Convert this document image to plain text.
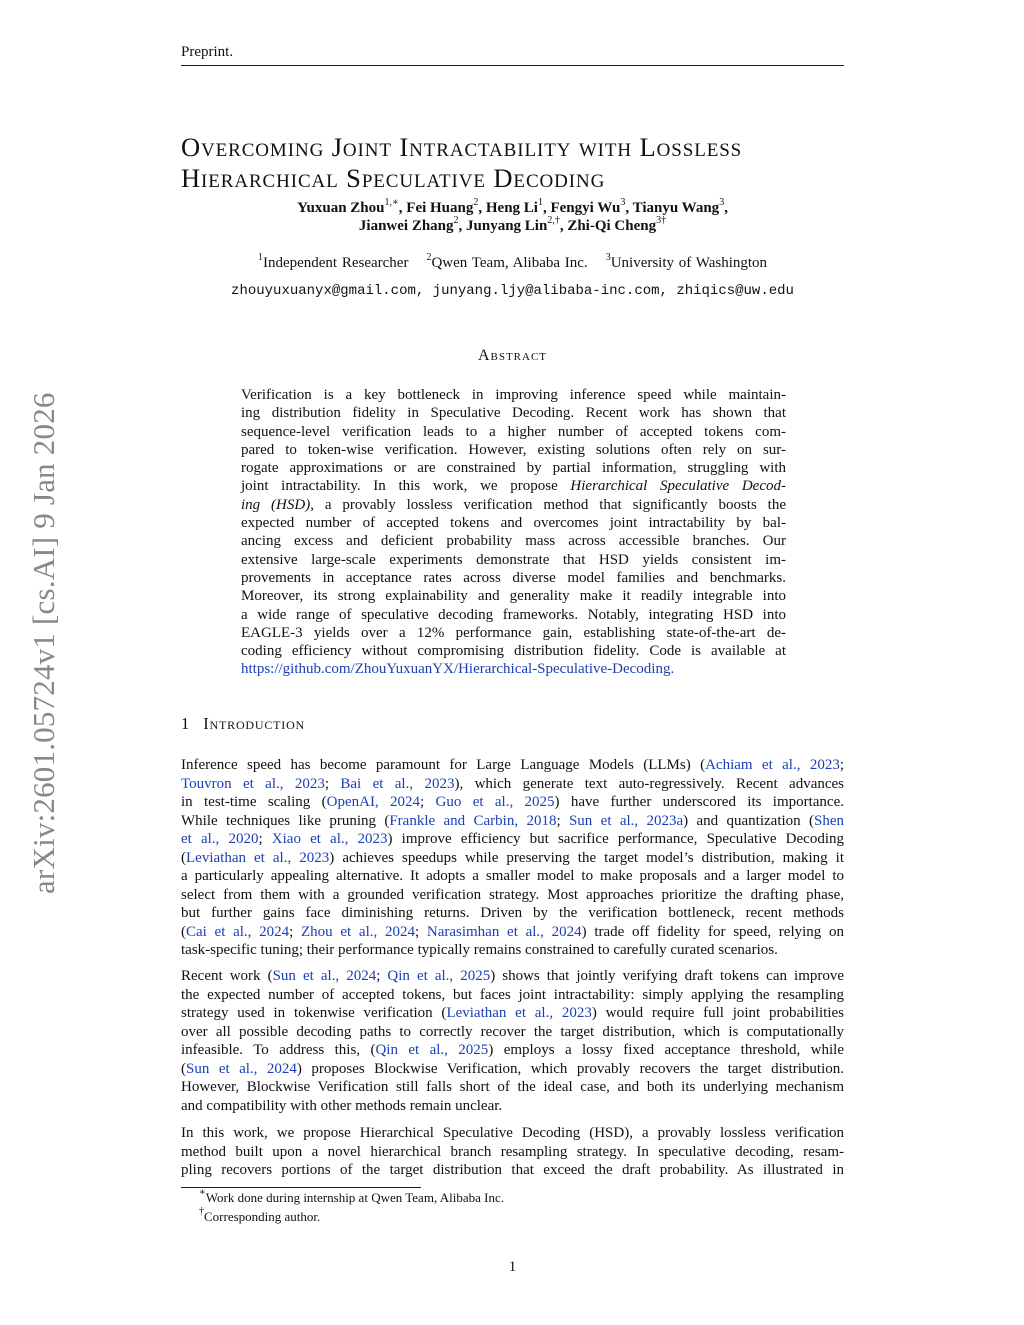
Preprint.
arXiv:2601.05724v1 [cs.AI] 9 Jan 2026
Overcoming Joint Intractability with Lossless
Hierarchical Speculative Decoding
Yuxuan Zhou$^{1,∗}$, Fei Huang$^2$, Heng Li$^1$, Fengyi Wu$^3$, Tianyu Wang$^3$,
Jianwei Zhang$^2$, Junyang Lin$^{2,\dagger}$, Zhi-Qi Cheng$^{3\dagger}$
$^1$Independent Researcher $^2$Qwen Team, Alibaba Inc. $^3$University of Washington
zhouyuxuanyx@gmail.com, junyang.ljy@alibaba-inc.com, zhiqics@uw.edu
Abstract
Verification is a key bottleneck in improving inference speed while maintain-
ing distribution fidelity in Speculative Decoding. Recent work has shown that
sequence-level verification leads to a higher number of accepted tokens com-
pared to token-wise verification. However, existing solutions often rely on sur-
rogate approximations or are constrained by partial information, struggling with
joint intractability. In this work, we propose Hierarchical Speculative Decod-
ing (HSD), a provably lossless verification method that significantly boosts the
expected number of accepted tokens and overcomes joint intractability by bal-
ancing excess and deficient probability mass across accessible branches. Our
extensive large-scale experiments demonstrate that HSD yields consistent im-
provements in acceptance rates across diverse model families and benchmarks.
Moreover, its strong explainability and generality make it readily integrable into
a wide range of speculative decoding frameworks. Notably, integrating HSD into
EAGLE-3 yields over a 12% performance gain, establishing state-of-the-art de-
coding efficiency without compromising distribution fidelity. Code is available at
https://github.com/ZhouYuxuanYX/Hierarchical-Speculative-Decoding.
1 Introduction
Inference speed has become paramount for Large Language Models (LLMs) (Achiam et al., 2023;
Touvron et al., 2023; Bai et al., 2023), which generate text auto-regressively. Recent advances
in test-time scaling (OpenAI, 2024; Guo et al., 2025) have further underscored its importance.
While techniques like pruning (Frankle and Carbin, 2018; Sun et al., 2023a) and quantization (Shen
et al., 2020; Xiao et al., 2023) improve efficiency but sacrifice performance, Speculative Decoding
(Leviathan et al., 2023) achieves speedups while preserving the target model’s distribution, making it
a particularly appealing alternative. It adopts a smaller model to make proposals and a larger model to
select from them with a grounded verification strategy. Most approaches prioritize the drafting phase,
but further gains face diminishing returns. Driven by the verification bottleneck, recent methods
(Cai et al., 2024; Zhou et al., 2024; Narasimhan et al., 2024) trade off fidelity for speed, relying on
task-specific tuning; their performance typically remains constrained to carefully curated scenarios.
Recent work (Sun et al., 2024; Qin et al., 2025) shows that jointly verifying draft tokens can improve
the expected number of accepted tokens, but faces joint intractability: simply applying the resampling
strategy used in tokenwise verification (Leviathan et al., 2023) would require full joint probabilities
over all possible decoding paths to correctly recover the target distribution, which is computationally
infeasible. To address this, (Qin et al., 2025) employs a lossy fixed acceptance threshold, while
(Sun et al., 2024) proposes Blockwise Verification, which provably recovers the target distribution.
However, Blockwise Verification still falls short of the ideal case, and both its underlying mechanism
and compatibility with other methods remain unclear.
In this work, we propose Hierarchical Speculative Decoding (HSD), a provably lossless verification
method built upon a novel hierarchical branch resampling strategy. In speculative decoding, resam-
pling recovers portions of the target distribution that exceed the draft probability. As illustrated in
∗Work done during internship at Qwen Team, Alibaba Inc.
†Corresponding author.
1
